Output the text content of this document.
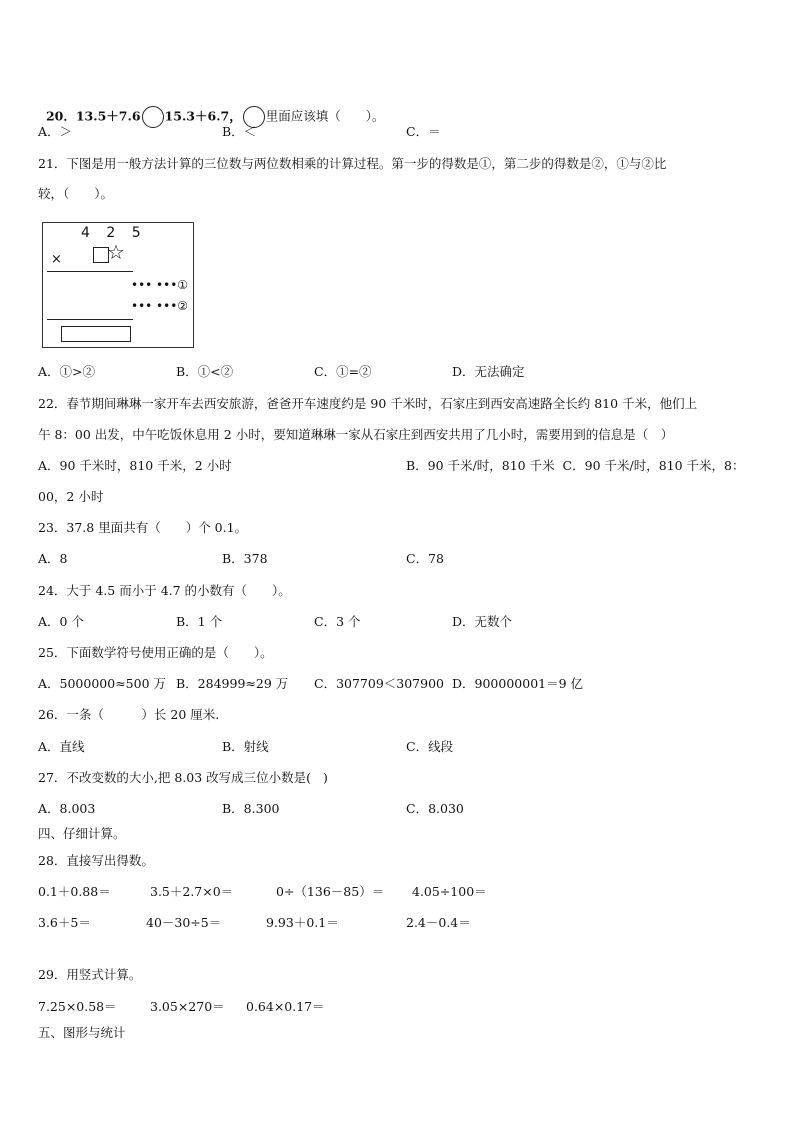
20．13.5＋7.6 15.3＋6.7， 里面应该填（　　）。

A．＞	B．＜	C．＝
21．下图是用一般方法计算的三位数与两位数相乘的计算过程。第一步的得数是①，第二步的得数是②，①与②比
较，（　　）。
4 2 5
× ☆
••• •••①
••• •••②
A．①>②	B．①<②	C．①=②	D．无法确定
22．春节期间琳琳一家开车去西安旅游，爸爸开车速度约是 90 千米时，石家庄到西安高速路全长约 810 千米，他们上
午 8：00 出发，中午吃饭休息用 2 小时，要知道琳琳一家从石家庄到西安共用了几小时，需要用到的信息是（　）
A．90 千米时，810 千米，2 小时	B．90 千米/时，810 千米  C．90 千米/时，810 千米，8：
00，2 小时
23．37.8 里面共有（　　）个 0.1。
A．8	B．378	C．78
24．大于 4.5 而小于 4.7 的小数有（　　）。
A．0 个	B．1 个	C．3 个	D．无数个
25．下面数学符号使用正确的是（　　）。
A．5000000≈500 万 B．284999≈29 万 C．307709＜307900 D．900000001＝9 亿
26．一条（　　　）长 20 厘米.
A．直线	B．射线	C．线段
27．不改变数的大小,把 8.03 改写成三位小数是(   )
A．8.003	B．8.300	C．8.030
四、仔细计算。
28．直接写出得数。
0.1＋0.88＝	3.5＋2.7×0＝	0÷（136－85）＝ 4.05÷100＝
3.6＋5＝	40－30÷5＝	9.93＋0.1＝	2.4－0.4＝
29．用竖式计算。
7.25×0.58＝	3.05×270＝ 0.64×0.17＝
五、图形与统计
